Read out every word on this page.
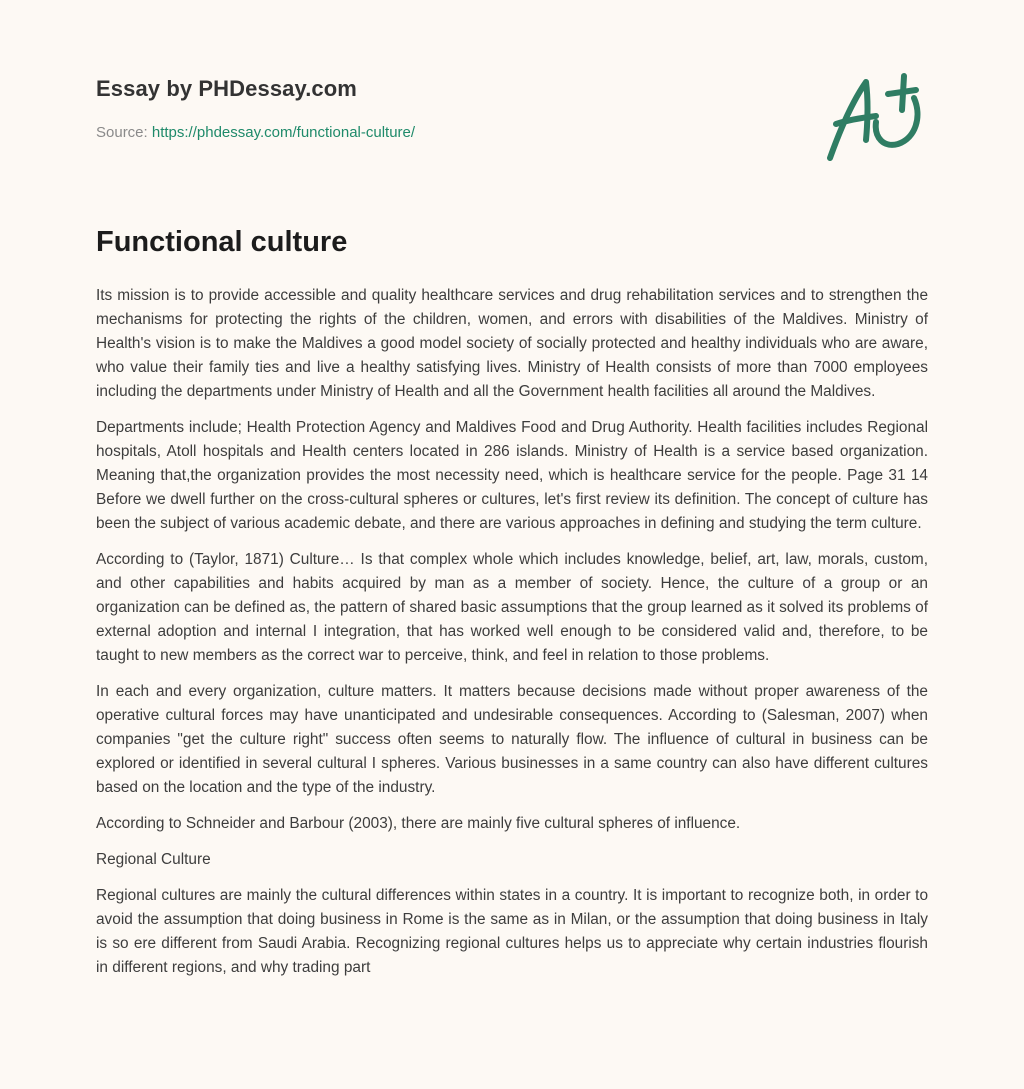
Essay by PHDessay.com
Source: https://phdessay.com/functional-culture/
Functional culture

Its mission is to provide accessible and quality healthcare services and drug rehabilitation services and to strengthen the mechanisms for protecting the rights of the children, women, and errors with disabilities of the Maldives. Ministry of Health's vision is to make the Maldives a good model society of socially protected and healthy individuals who are aware, who value their family ties and live a healthy satisfying lives. Ministry of Health consists of more than 7000 employees including the departments under Ministry of Health and all the Government health facilities all around the Maldives.

Departments include; Health Protection Agency and Maldives Food and Drug Authority. Health facilities includes Regional hospitals, Atoll hospitals and Health centers located in 286 islands. Ministry of Health is a service based organization. Meaning that,the organization provides the most necessity need, which is healthcare service for the people. Page 31 14 Before we dwell further on the cross-cultural spheres or cultures, let's first review its definition. The concept of culture has been the subject of various academic debate, and there are various approaches in defining and studying the term culture.

According to (Taylor, 1871) Culture… Is that complex whole which includes knowledge, belief, art, law, morals, custom, and other capabilities and habits acquired by man as a member of society. Hence, the culture of a group or an organization can be defined as, the pattern of shared basic assumptions that the group learned as it solved its problems of external adoption and internal I integration, that has worked well enough to be considered valid and, therefore, to be taught to new members as the correct war to perceive, think, and feel in relation to those problems.

In each and every organization, culture matters. It matters because decisions made without proper awareness of the operative cultural forces may have unanticipated and undesirable consequences. According to (Salesman, 2007) when companies "get the culture right" success often seems to naturally flow. The influence of cultural in business can be explored or identified in several cultural I spheres. Various businesses in a same country can also have different cultures based on the location and the type of the industry.

According to Schneider and Barbour (2003), there are mainly five cultural spheres of influence.

Regional Culture

Regional cultures are mainly the cultural differences within states in a country. It is important to recognize both, in order to avoid the assumption that doing business in Rome is the same as in Milan, or the assumption that doing business in Italy is so ere different from Saudi Arabia. Recognizing regional cultures helps us to appreciate why certain industries flourish in different regions, and why trading part
